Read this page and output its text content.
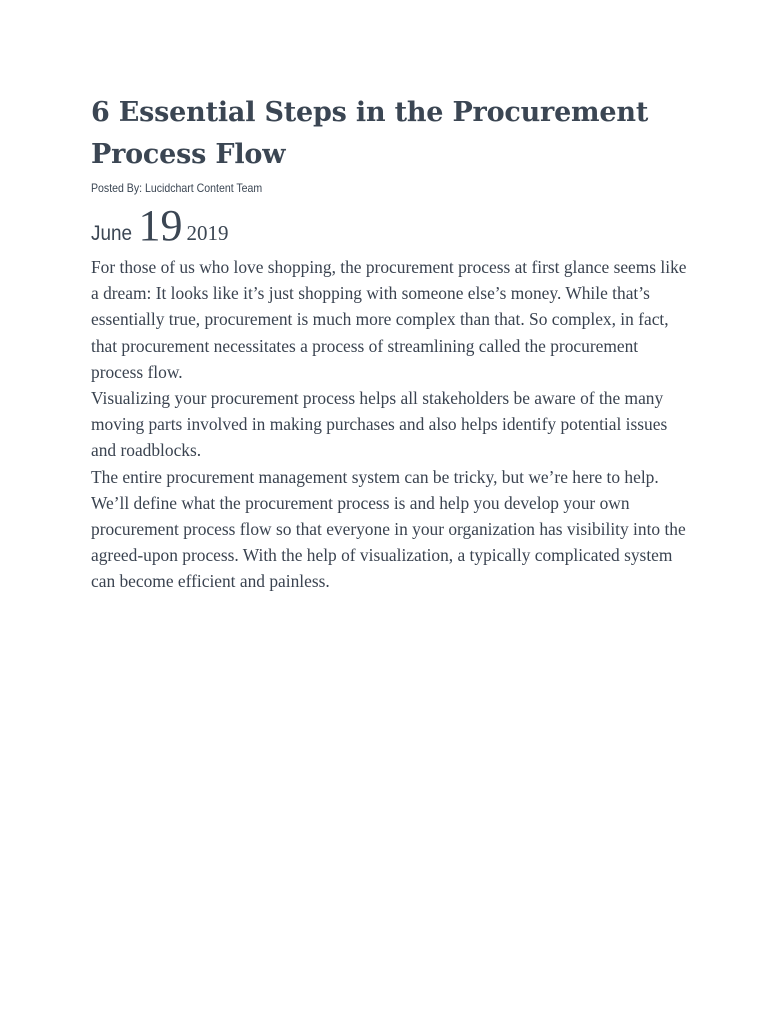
6 Essential Steps in the Procurement Process Flow
Posted By: Lucidchart Content Team
June 19 2019

For those of us who love shopping, the procurement process at first glance seems like a dream: It looks like it’s just shopping with someone else’s money. While that’s essentially true, procurement is much more complex than that. So complex, in fact, that procurement necessitates a process of streamlining called the procurement process flow.

Visualizing your procurement process helps all stakeholders be aware of the many moving parts involved in making purchases and also helps identify potential issues and roadblocks.

The entire procurement management system can be tricky, but we’re here to help. We’ll define what the procurement process is and help you develop your own procurement process flow so that everyone in your organization has visibility into the agreed-upon process. With the help of visualization, a typically complicated system can become efficient and painless.
